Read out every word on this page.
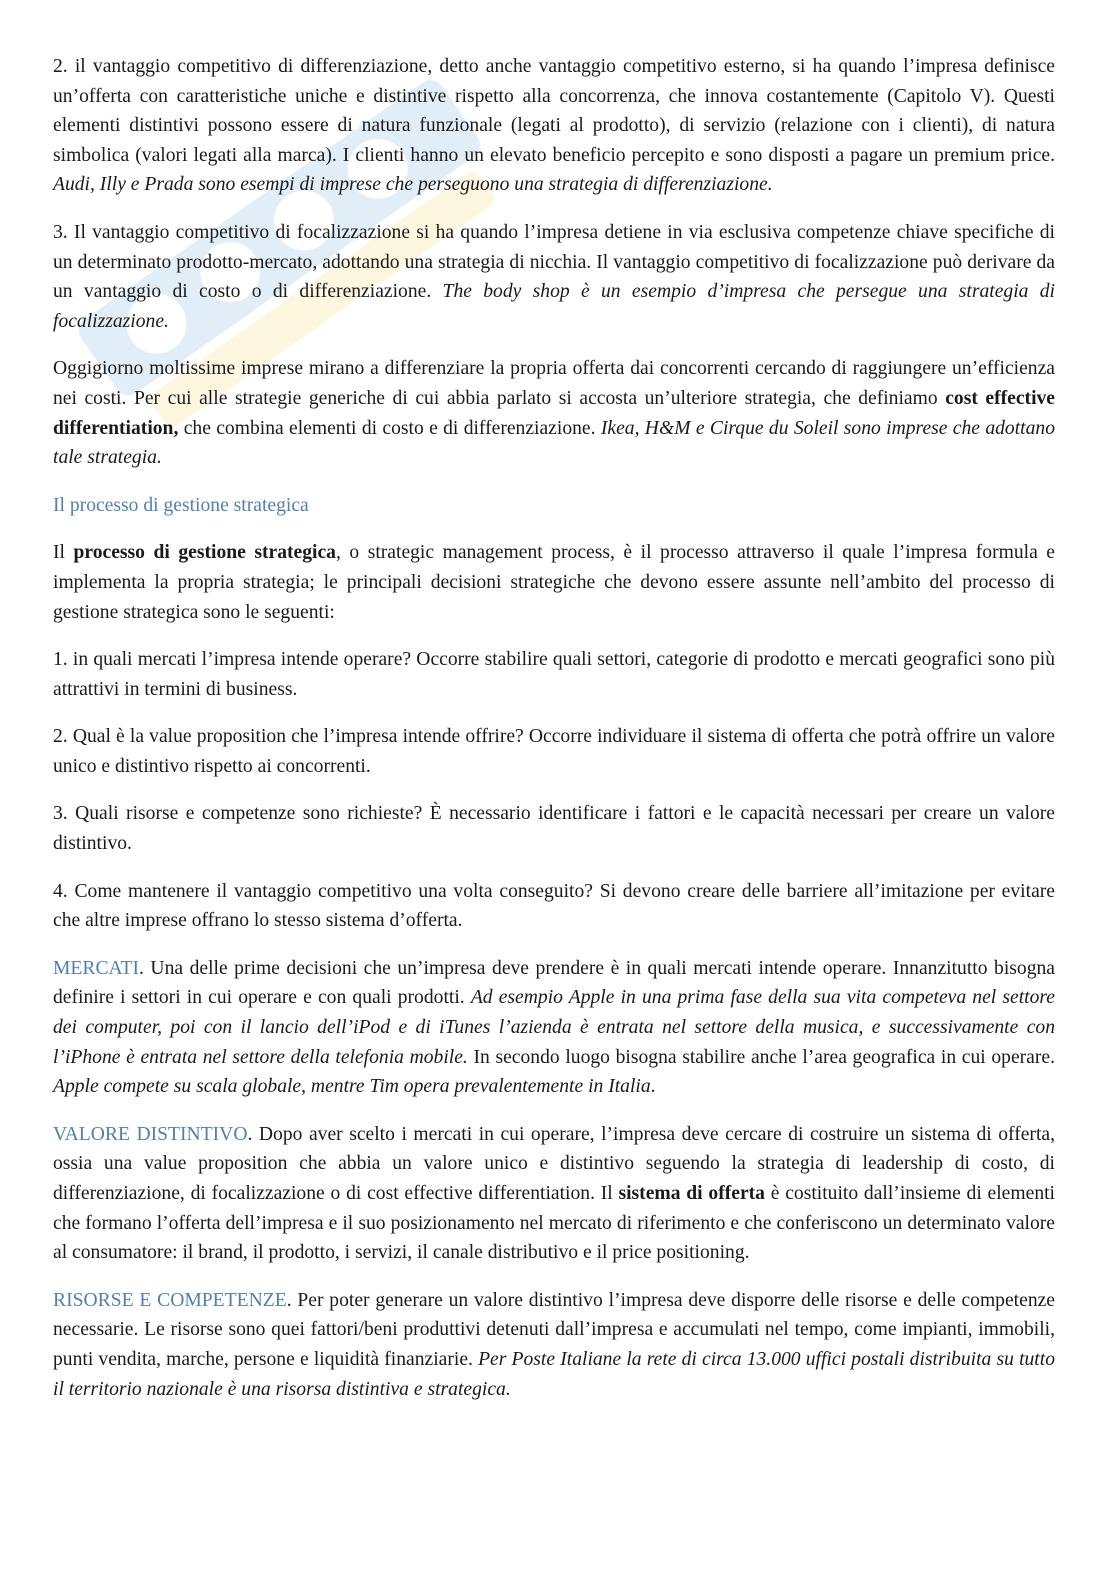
2. il vantaggio competitivo di differenziazione, detto anche vantaggio competitivo esterno, si ha quando l’impresa definisce un’offerta con caratteristiche uniche e distintive rispetto alla concorrenza, che innova costantemente (Capitolo V). Questi elementi distintivi possono essere di natura funzionale (legati al prodotto), di servizio (relazione con i clienti), di natura simbolica (valori legati alla marca). I clienti hanno un elevato beneficio percepito e sono disposti a pagare un premium price. Audi, Illy e Prada sono esempi di imprese che perseguono una strategia di differenziazione.

3. Il vantaggio competitivo di focalizzazione si ha quando l’impresa detiene in via esclusiva competenze chiave specifiche di un determinato prodotto-mercato, adottando una strategia di nicchia. Il vantaggio competitivo di focalizzazione può derivare da un vantaggio di costo o di differenziazione. The body shop è un esempio d’impresa che persegue una strategia di focalizzazione.

Oggigiorno moltissime imprese mirano a differenziare la propria offerta dai concorrenti cercando di raggiungere un’efficienza nei costi. Per cui alle strategie generiche di cui abbia parlato si accosta un’ulteriore strategia, che definiamo cost effective differentiation, che combina elementi di costo e di differenziazione. Ikea, H&M e Cirque du Soleil sono imprese che adottano tale strategia.

Il processo di gestione strategica

Il processo di gestione strategica, o strategic management process, è il processo attraverso il quale l’impresa formula e implementa la propria strategia; le principali decisioni strategiche che devono essere assunte nell’ambito del processo di gestione strategica sono le seguenti:

1. in quali mercati l’impresa intende operare? Occorre stabilire quali settori, categorie di prodotto e mercati geografici sono più attrattivi in termini di business.

2. Qual è la value proposition che l’impresa intende offrire? Occorre individuare il sistema di offerta che potrà offrire un valore unico e distintivo rispetto ai concorrenti.

3. Quali risorse e competenze sono richieste? È necessario identificare i fattori e le capacità necessari per creare un valore distintivo.

4. Come mantenere il vantaggio competitivo una volta conseguito? Si devono creare delle barriere all’imitazione per evitare che altre imprese offrano lo stesso sistema d’offerta.

MERCATI. Una delle prime decisioni che un’impresa deve prendere è in quali mercati intende operare. Innanzitutto bisogna definire i settori in cui operare e con quali prodotti. Ad esempio Apple in una prima fase della sua vita competeva nel settore dei computer, poi con il lancio dell’iPod e di iTunes l’azienda è entrata nel settore della musica, e successivamente con l’iPhone è entrata nel settore della telefonia mobile. In secondo luogo bisogna stabilire anche l’area geografica in cui operare. Apple compete su scala globale, mentre Tim opera prevalentemente in Italia.

VALORE DISTINTIVO. Dopo aver scelto i mercati in cui operare, l’impresa deve cercare di costruire un sistema di offerta, ossia una value proposition che abbia un valore unico e distintivo seguendo la strategia di leadership di costo, di differenziazione, di focalizzazione o di cost effective differentiation. Il sistema di offerta è costituito dall’insieme di elementi che formano l’offerta dell’impresa e il suo posizionamento nel mercato di riferimento e che conferiscono un determinato valore al consumatore: il brand, il prodotto, i servizi, il canale distributivo e il price positioning.

RISORSE E COMPETENZE. Per poter generare un valore distintivo l’impresa deve disporre delle risorse e delle competenze necessarie. Le risorse sono quei fattori/beni produttivi detenuti dall’impresa e accumulati nel tempo, come impianti, immobili, punti vendita, marche, persone e liquidità finanziarie. Per Poste Italiane la rete di circa 13.000 uffici postali distribuita su tutto il territorio nazionale è una risorsa distintiva e strategica.
